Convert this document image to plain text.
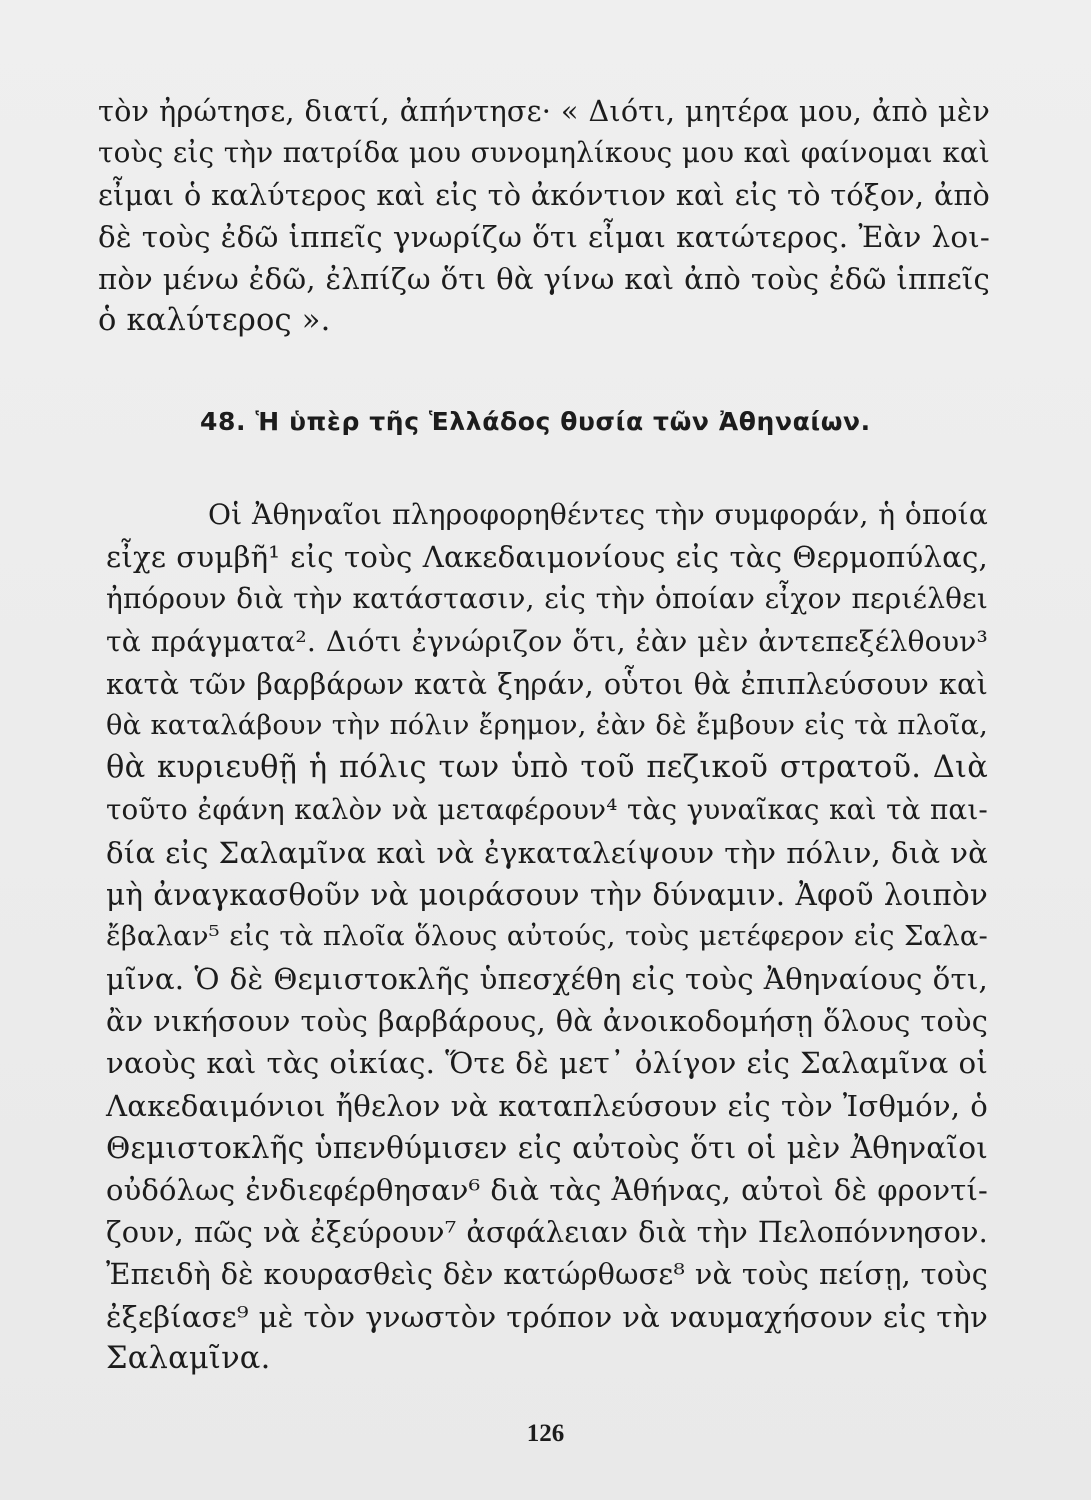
τὸν ἠρώτησε, διατί, ἀπήντησε· « Διότι, μητέρα μου, ἀπὸ μὲν
τοὺς εἰς τὴν πατρίδα μου συνομηλίκους μου καὶ φαίνομαι καὶ
εἶμαι ὁ καλύτερος καὶ εἰς τὸ ἀκόντιον καὶ εἰς τὸ τόξον, ἀπὸ
δὲ τοὺς ἐδῶ ἱππεῖς γνωρίζω ὅτι εἶμαι κατώτερος. Ἐὰν λοι-
πὸν μένω ἐδῶ, ἐλπίζω ὅτι θὰ γίνω καὶ ἀπὸ τοὺς ἐδῶ ἱππεῖς
ὁ καλύτερος ».
48. Ἡ ὑπὲρ τῆς Ἑλλάδος θυσία τῶν Ἀθηναίων.
Οἱ Ἀθηναῖοι πληροφορηθέντες τὴν συμφοράν, ἡ ὁποία
εἶχε συμβῆ¹ εἰς τοὺς Λακεδαιμονίους εἰς τὰς Θερμοπύλας,
ἠπόρουν διὰ τὴν κατάστασιν, εἰς τὴν ὁποίαν εἶχον περιέλθει
τὰ πράγματα². Διότι ἐγνώριζον ὅτι, ἐὰν μὲν ἀντεπεξέλθουν³
κατὰ τῶν βαρβάρων κατὰ ξηράν, οὗτοι θὰ ἐπιπλεύσουν καὶ
θὰ καταλάβουν τὴν πόλιν ἔρημον, ἐὰν δὲ ἔμβουν εἰς τὰ πλοῖα,
θὰ κυριευθῇ ἡ πόλις των ὑπὸ τοῦ πεζικοῦ στρατοῦ. Διὰ
τοῦτο ἐφάνη καλὸν νὰ μεταφέρουν⁴ τὰς γυναῖκας καὶ τὰ παι-
δία εἰς Σαλαμῖνα καὶ νὰ ἐγκαταλείψουν τὴν πόλιν, διὰ νὰ
μὴ ἀναγκασθοῦν νὰ μοιράσουν τὴν δύναμιν. Ἀφοῦ λοιπὸν
ἔβαλαν⁵ εἰς τὰ πλοῖα ὅλους αὐτούς, τοὺς μετέφερον εἰς Σαλα-
μῖνα. Ὁ δὲ Θεμιστοκλῆς ὑπεσχέθη εἰς τοὺς Ἀθηναίους ὅτι,
ἂν νικήσουν τοὺς βαρβάρους, θὰ ἀνοικοδομήσῃ ὅλους τοὺς
ναοὺς καὶ τὰς οἰκίας. Ὅτε δὲ μετ᾽ ὀλίγον εἰς Σαλαμῖνα οἱ
Λακεδαιμόνιοι ἤθελον νὰ καταπλεύσουν εἰς τὸν Ἰσθμόν, ὁ
Θεμιστοκλῆς ὑπενθύμισεν εἰς αὐτοὺς ὅτι οἱ μὲν Ἀθηναῖοι
οὐδόλως ἐνδιεφέρθησαν⁶ διὰ τὰς Ἀθήνας, αὐτοὶ δὲ φροντί-
ζουν, πῶς νὰ ἐξεύρουν⁷ ἀσφάλειαν διὰ τὴν Πελοπόννησον.
Ἐπειδὴ δὲ κουρασθεὶς δὲν κατώρθωσε⁸ νὰ τοὺς πείσῃ, τοὺς
ἐξεβίασε⁹ μὲ τὸν γνωστὸν τρόπον νὰ ναυμαχήσουν εἰς τὴν
Σαλαμῖνα.
126
